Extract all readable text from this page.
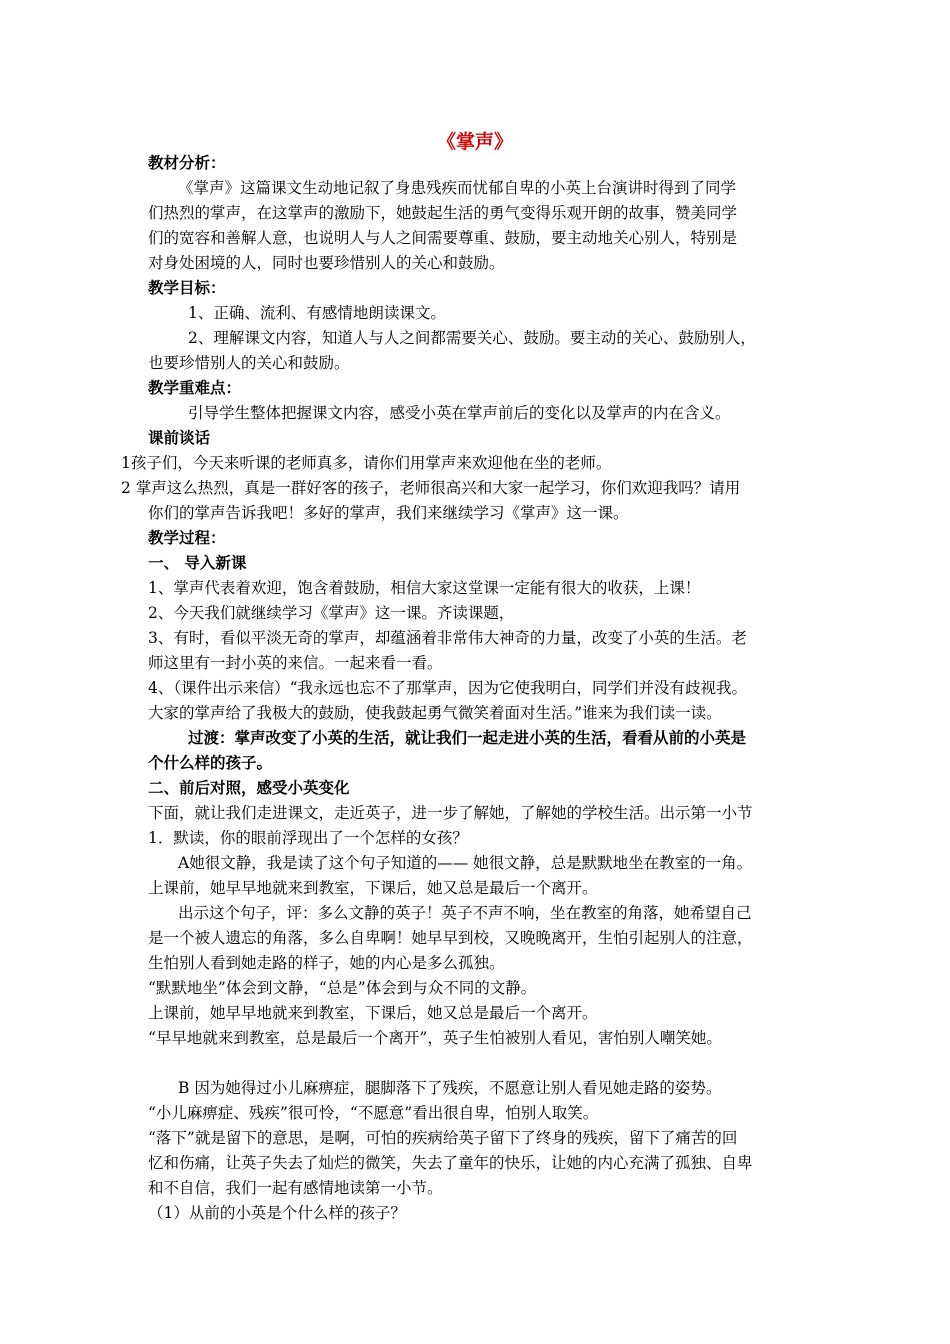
《掌声》
教材分析：
《掌声》这篇课文生动地记叙了身患残疾而忧郁自卑的小英上台演讲时得到了同学
们热烈的掌声，在这掌声的激励下，她鼓起生活的勇气变得乐观开朗的故事，赞美同学
们的宽容和善解人意，也说明人与人之间需要尊重、鼓励，要主动地关心别人，特别是
对身处困境的人，同时也要珍惜别人的关心和鼓励。
教学目标：
1、正确、流利、有感情地朗读课文。
2、理解课文内容，知道人与人之间都需要关心、鼓励。要主动的关心、鼓励别人，
也要珍惜别人的关心和鼓励。
教学重难点：
引导学生整体把握课文内容，感受小英在掌声前后的变化以及掌声的内在含义。
课前谈话
1孩子们，今天来听课的老师真多，请你们用掌声来欢迎他在坐的老师。
2 掌声这么热烈，真是一群好客的孩子，老师很高兴和大家一起学习，你们欢迎我吗？请用
你们的掌声告诉我吧！多好的掌声，我们来继续学习《掌声》这一课。
教学过程：
一、 导入新课
1、掌声代表着欢迎，饱含着鼓励，相信大家这堂课一定能有很大的收获，上课！
2、今天我们就继续学习《掌声》这一课。齐读课题，
3、有时，看似平淡无奇的掌声，却蕴涵着非常伟大神奇的力量，改变了小英的生活。老
师这里有一封小英的来信。一起来看一看。
4、（课件出示来信）“我永远也忘不了那掌声，因为它使我明白，同学们并没有歧视我。
大家的掌声给了我极大的鼓励，使我鼓起勇气微笑着面对生活。”谁来为我们读一读。
过渡：掌声改变了小英的生活，就让我们一起走进小英的生活，看看从前的小英是
个什么样的孩子。
二、前后对照，感受小英变化
下面，就让我们走进课文，走近英子，进一步了解她，了解她的学校生活。出示第一小节
1．默读，你的眼前浮现出了一个怎样的女孩？
A她很文静，我是读了这个句子知道的—— 她很文静，总是默默地坐在教室的一角。
上课前，她早早地就来到教室，下课后，她又总是最后一个离开。
出示这个句子，评：多么文静的英子！英子不声不响，坐在教室的角落，她希望自己
是一个被人遗忘的角落，多么自卑啊！她早早到校，又晚晚离开，生怕引起别人的注意，
生怕别人看到她走路的样子，她的内心是多么孤独。
“默默地坐”体会到文静，“总是”体会到与众不同的文静。
上课前，她早早地就来到教室，下课后，她又总是最后一个离开。
“早早地就来到教室，总是最后一个离开”，英子生怕被别人看见，害怕别人嘲笑她。
B 因为她得过小儿麻痹症，腿脚落下了残疾，不愿意让别人看见她走路的姿势。
“小儿麻痹症、残疾”很可怜，“不愿意”看出很自卑，怕别人取笑。
“落下”就是留下的意思，是啊，可怕的疾病给英子留下了终身的残疾，留下了痛苦的回
忆和伤痛，让英子失去了灿烂的微笑，失去了童年的快乐，让她的内心充满了孤独、自卑
和不自信，我们一起有感情地读第一小节。
（1）从前的小英是个什么样的孩子？
